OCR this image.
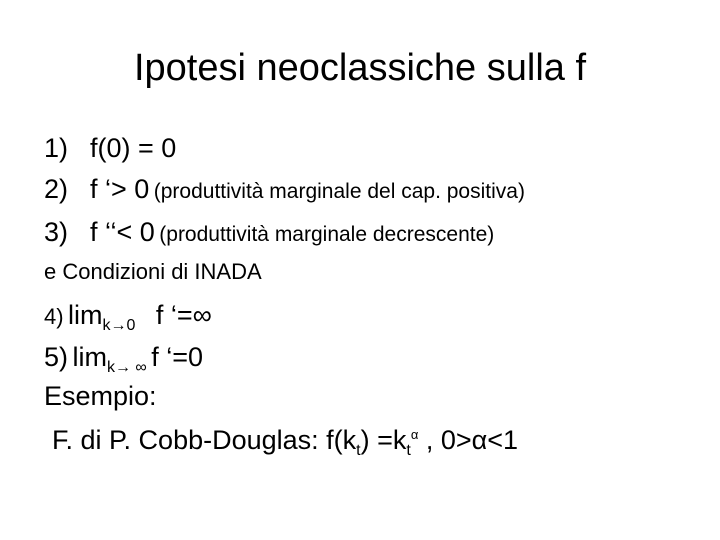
Ipotesi neoclassiche sulla f
1) f(0) = 0
2) f ‘> 0 (produttività marginale del cap. positiva)
3) f ‘‘< 0 (produttività marginale decrescente)
e Condizioni di INADA
4) $\lim_{k\to 0} f$ ‘=∞
5) $\lim_{k\to \infty} f$ ‘=0
Esempio:
F. di P. Cobb-Douglas: $f(k_t) =k_t^\alpha$ , 0>α<1
